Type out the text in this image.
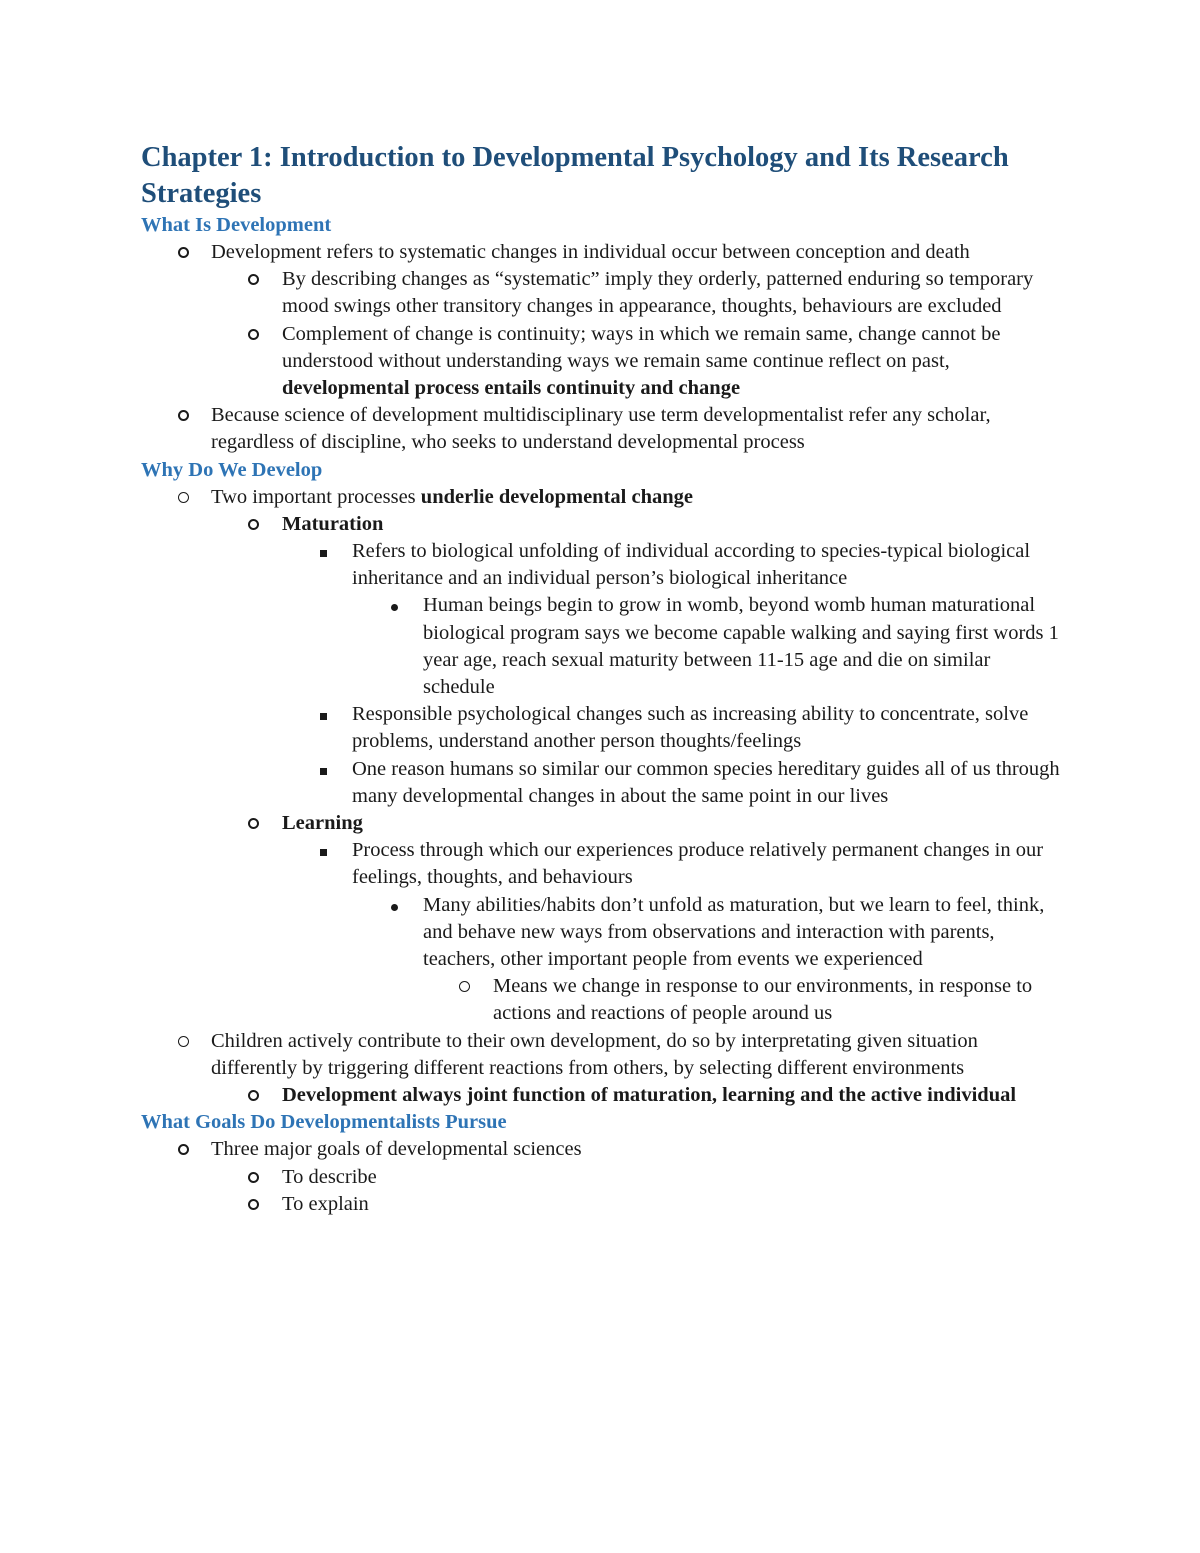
Chapter 1: Introduction to Developmental Psychology and Its Research Strategies
What Is Development
Development refers to systematic changes in individual occur between conception and death
By describing changes as “systematic” imply they orderly, patterned enduring so temporary mood swings other transitory changes in appearance, thoughts, behaviours are excluded
Complement of change is continuity; ways in which we remain same, change cannot be understood without understanding ways we remain same continue reflect on past, developmental process entails continuity and change
Because science of development multidisciplinary use term developmentalist refer any scholar, regardless of discipline, who seeks to understand developmental process
Why Do We Develop
Two important processes underlie developmental change
Maturation
Refers to biological unfolding of individual according to species-typical biological inheritance and an individual person’s biological inheritance
Human beings begin to grow in womb, beyond womb human maturational biological program says we become capable walking and saying first words 1 year age, reach sexual maturity between 11-15 age and die on similar schedule
Responsible psychological changes such as increasing ability to concentrate, solve problems, understand another person thoughts/feelings
One reason humans so similar our common species hereditary guides all of us through many developmental changes in about the same point in our lives
Learning
Process through which our experiences produce relatively permanent changes in our feelings, thoughts, and behaviours
Many abilities/habits don’t unfold as maturation, but we learn to feel, think, and behave new ways from observations and interaction with parents, teachers, other important people from events we experienced
Means we change in response to our environments, in response to actions and reactions of people around us
Children actively contribute to their own development, do so by interpretating given situation differently by triggering different reactions from others, by selecting different environments
Development always joint function of maturation, learning and the active individual
What Goals Do Developmentalists Pursue
Three major goals of developmental sciences
To describe
To explain
